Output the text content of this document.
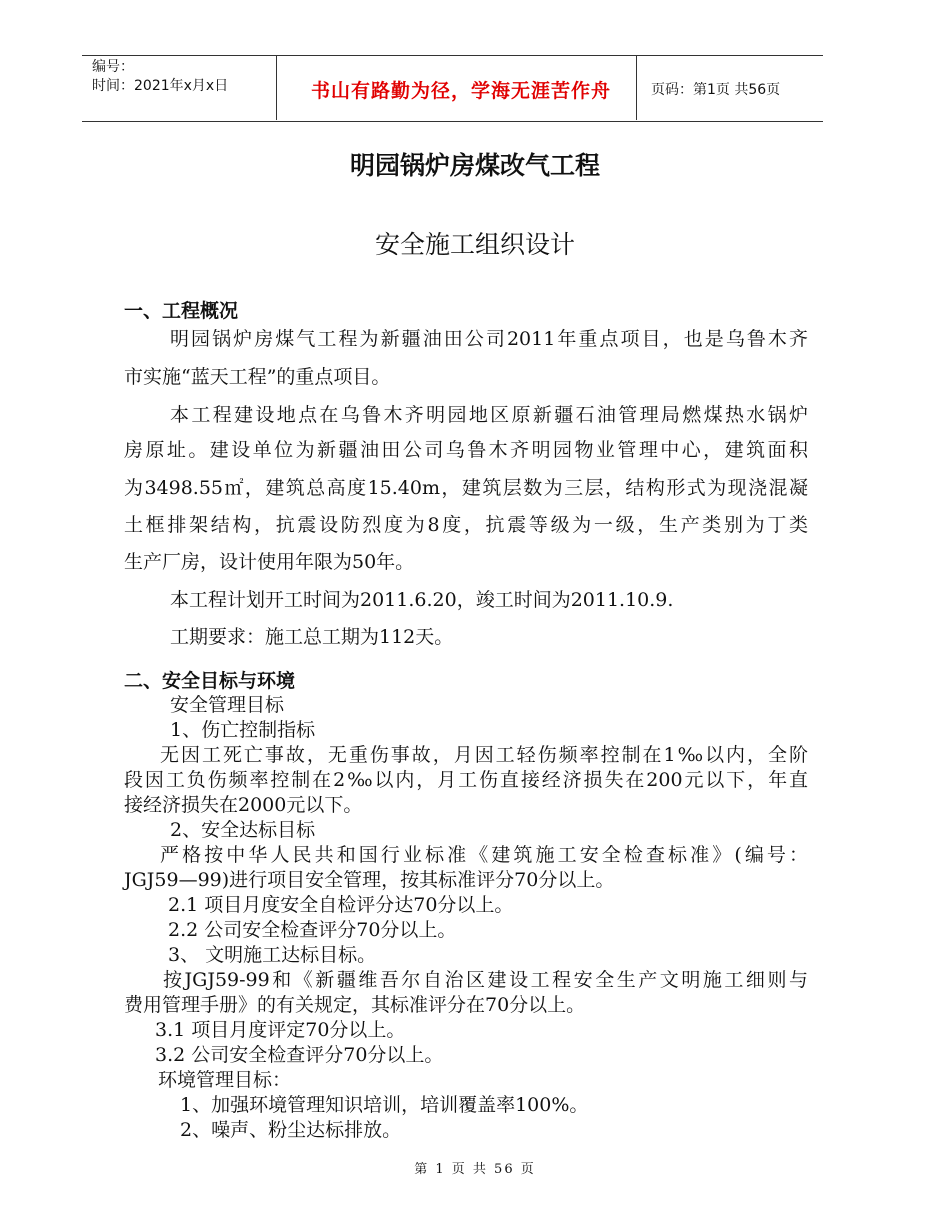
编号：
时间：2021年x月x日	书山有路勤为径，学海无涯苦作舟	页码：第1页 共56页
明园锅炉房煤改气工程
安全施工组织设计
一、工程概况
明园锅炉房煤气工程为新疆油田公司2011年重点项目，也是乌鲁木齐
市实施“蓝天工程”的重点项目。
本工程建设地点在乌鲁木齐明园地区原新疆石油管理局燃煤热水锅炉
房原址。建设单位为新疆油田公司乌鲁木齐明园物业管理中心，建筑面积
为3498.55㎡，建筑总高度15.40m，建筑层数为三层，结构形式为现浇混凝
土框排架结构，抗震设防烈度为8度，抗震等级为一级，生产类别为丁类
生产厂房，设计使用年限为50年。
本工程计划开工时间为2011.6.20，竣工时间为2011.10.9.
工期要求：施工总工期为112天。
二、安全目标与环境
安全管理目标
1、伤亡控制指标
无因工死亡事故，无重伤事故，月因工轻伤频率控制在1‰以内，全阶
段因工负伤频率控制在2‰以内，月工伤直接经济损失在200元以下，年直
接经济损失在2000元以下。
2、安全达标目标
严格按中华人民共和国行业标准《建筑施工安全检查标准》(编号：
JGJ59—99)进行项目安全管理，按其标准评分70分以上。
2.1 项目月度安全自检评分达70分以上。
2.2 公司安全检查评分70分以上。
3、 文明施工达标目标。
按JGJ59-99和《新疆维吾尔自治区建设工程安全生产文明施工细则与
费用管理手册》的有关规定，其标准评分在70分以上。
3.1 项目月度评定70分以上。
3.2 公司安全检查评分70分以上。
环境管理目标：
1、加强环境管理知识培训，培训覆盖率100%。
2、噪声、粉尘达标排放。
第 1 页 共 56 页
